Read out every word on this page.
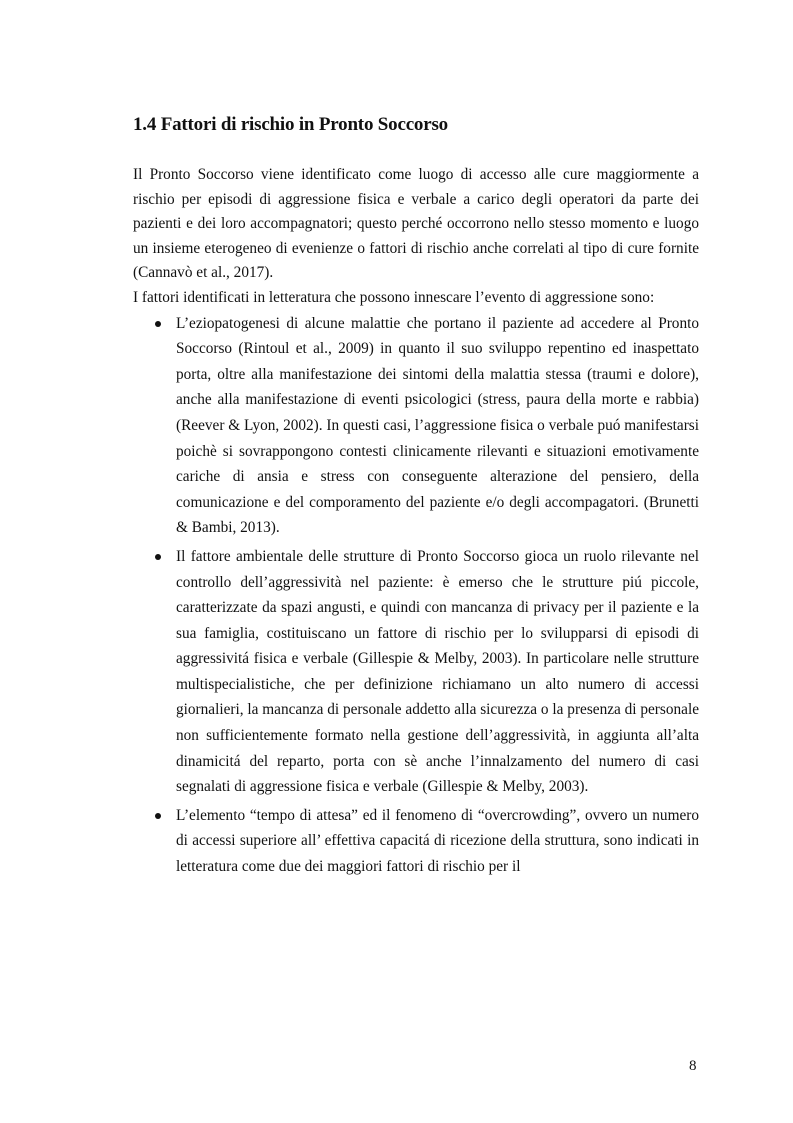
1.4 Fattori di rischio in Pronto Soccorso

Il Pronto Soccorso viene identificato come luogo di accesso alle cure maggiormente a rischio per episodi di aggressione fisica e verbale a carico degli operatori da parte dei pazienti e dei loro accompagnatori; questo perché occorrono nello stesso momento e luogo un insieme eterogeneo di evenienze o fattori di rischio anche correlati al tipo di cure fornite (Cannavò et al., 2017).

I fattori identificati in letteratura che possono innescare l’evento di aggressione sono:

L’eziopatogenesi di alcune malattie che portano il paziente ad accedere al Pronto Soccorso (Rintoul et al., 2009) in quanto il suo sviluppo repentino ed inaspettato porta, oltre alla manifestazione dei sintomi della malattia stessa (traumi e dolore), anche alla manifestazione di eventi psicologici (stress, paura della morte e rabbia) (Reever & Lyon, 2002). In questi casi, l’aggressione fisica o verbale puó manifestarsi poichè si sovrappongono contesti clinicamente rilevanti e situazioni emotivamente cariche di ansia e stress con conseguente alterazione del pensiero, della comunicazione e del comporamento del paziente e/o degli accompagatori. (Brunetti & Bambi, 2013).
Il fattore ambientale delle strutture di Pronto Soccorso gioca un ruolo rilevante nel controllo dell’aggressività nel paziente: è emerso che le strutture piú piccole, caratterizzate da spazi angusti, e quindi con mancanza di privacy per il paziente e la sua famiglia, costituiscano un fattore di rischio per lo svilupparsi di episodi di aggressivitá fisica e verbale (Gillespie & Melby, 2003). In particolare nelle strutture multispecialistiche, che per definizione richiamano un alto numero di accessi giornalieri, la mancanza di personale addetto alla sicurezza o la presenza di personale non sufficientemente formato nella gestione dell’aggressività, in aggiunta all’alta dinamicitá del reparto, porta con sè anche l’innalzamento del numero di casi segnalati di aggressione fisica e verbale (Gillespie & Melby, 2003).
L’elemento “tempo di attesa” ed il fenomeno di “overcrowding”, ovvero un numero di accessi superiore all’ effettiva capacitá di ricezione della struttura, sono indicati in letteratura come due dei maggiori fattori di rischio per il

8
